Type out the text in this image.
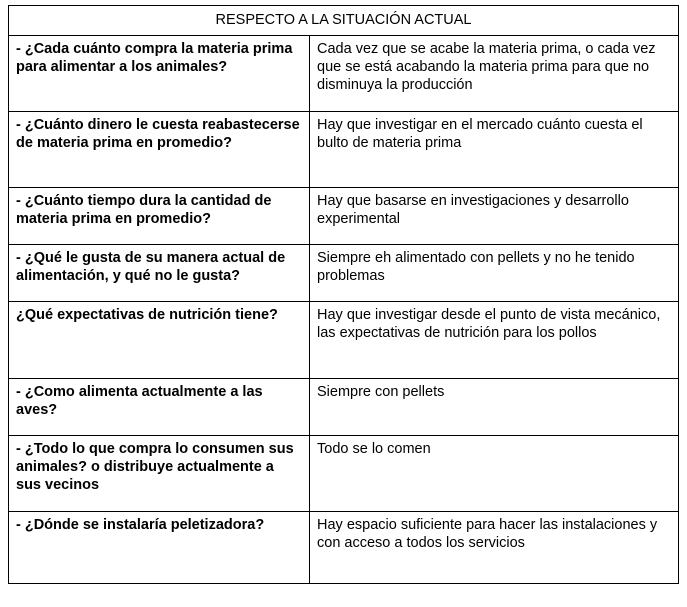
RESPECTO A LA SITUACIÓN ACTUAL	
- ¿Cada cuánto compra la materia prima para alimentar a los animales?	Cada vez que se acabe la materia prima, o cada vez que se está acabando la materia prima para que no disminuya la producción
- ¿Cuánto dinero le cuesta reabastecerse de materia prima en promedio?	Hay que investigar en el mercado cuánto cuesta el bulto de materia prima
- ¿Cuánto tiempo dura la cantidad de materia prima en promedio?	Hay que basarse en investigaciones y desarrollo experimental
- ¿Qué le gusta de su manera actual de alimentación, y qué no le gusta?	Siempre eh alimentado con pellets y no he tenido problemas
¿Qué expectativas de nutrición tiene?	Hay que investigar desde el punto de vista mecánico, las expectativas de nutrición para los pollos
- ¿Como alimenta actualmente a las aves?	Siempre con pellets
- ¿Todo lo que compra lo consumen sus animales? o distribuye actualmente a sus vecinos	Todo se lo comen
- ¿Dónde se instalaría peletizadora?	Hay espacio suficiente para hacer las instalaciones y con acceso a todos los servicios
